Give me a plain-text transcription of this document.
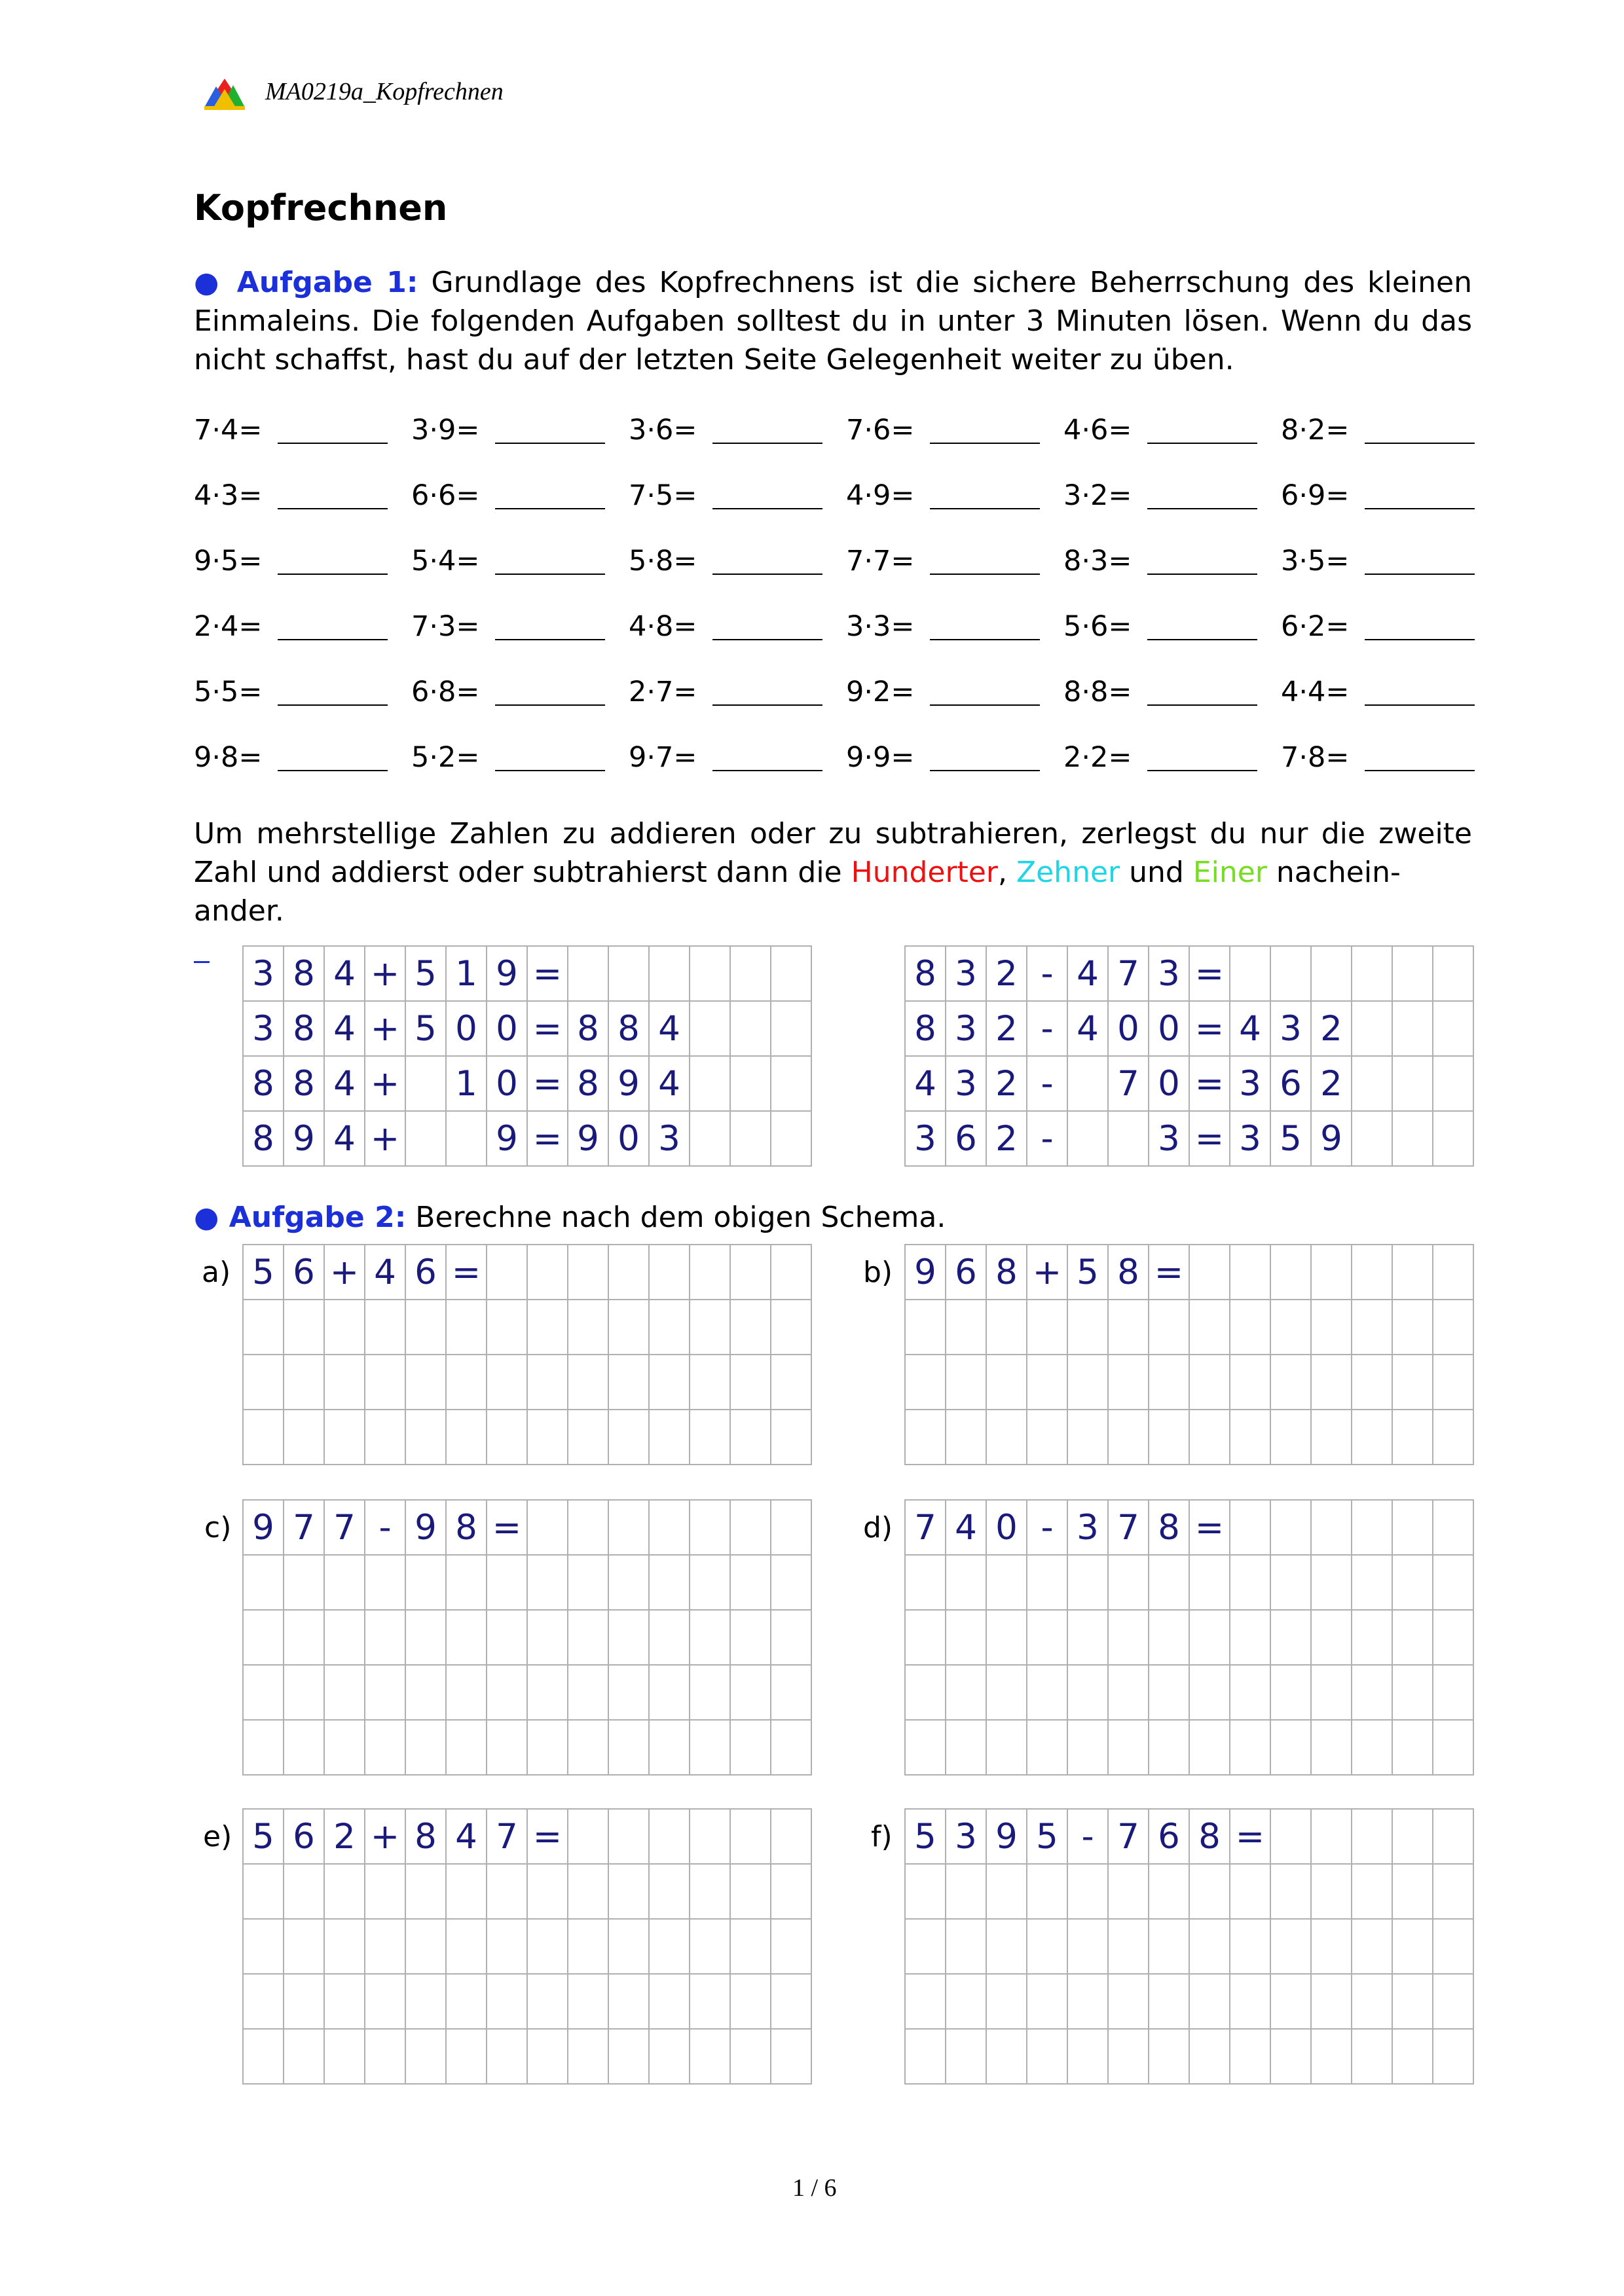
MA0219a_Kopfrechnen
Kopfrechnen
● Aufgabe 1: Grundlage des Kopfrechnens ist die sichere Beherrschung des kleinen Einmaleins. Die folgenden Aufgaben solltest du in unter 3 Minuten lösen. Wenn du das nicht schaffst, hast du auf der letzten Seite Gelegenheit weiter zu üben.
7·4=	3·9=	3·6=	7·6=	4·6=	8·2=
4·3=	6·6=	7·5=	4·9=	3·2=	6·9=
9·5=	5·4=	5·8=	7·7=	8·3=	3·5=
2·4=	7·3=	4·8=	3·3=	5·6=	6·2=
5·5=	6·8=	2·7=	9·2=	8·8=	4·4=
9·8=	5·2=	9·7=	9·9=	2·2=	7·8=
Um mehrstellige Zahlen zu addieren oder zu subtrahieren, zerlegst du nur die zweite Zahl und addierst oder subtrahierst dann die Hunderter, Zehner und Einer nachein-
ander.
3	8	4	+	5	1	9	=						
3	8	4	+	5	0	0	=	8	8	4			
8	8	4	+		1	0	=	8	9	4			
8	9	4	+			9	=	9	0	3			
8	3	2	-	4	7	3	=						
8	3	2	-	4	0	0	=	4	3	2			
4	3	2	-		7	0	=	3	6	2			
3	6	2	-			3	=	3	5	9			
● Aufgabe 2: Berechne nach dem obigen Schema.
a) 5	6	+	4	6	=								

														b) 9	6	8	+	5	8	=							

c) 9	7	7	-	9	8	=							

														d) 7	4	0	-	3	7	8	=						

e) 5	6	2	+	8	4	7	=						

														f) 5	3	9	5	-	7	6	8	=					

1 / 6
